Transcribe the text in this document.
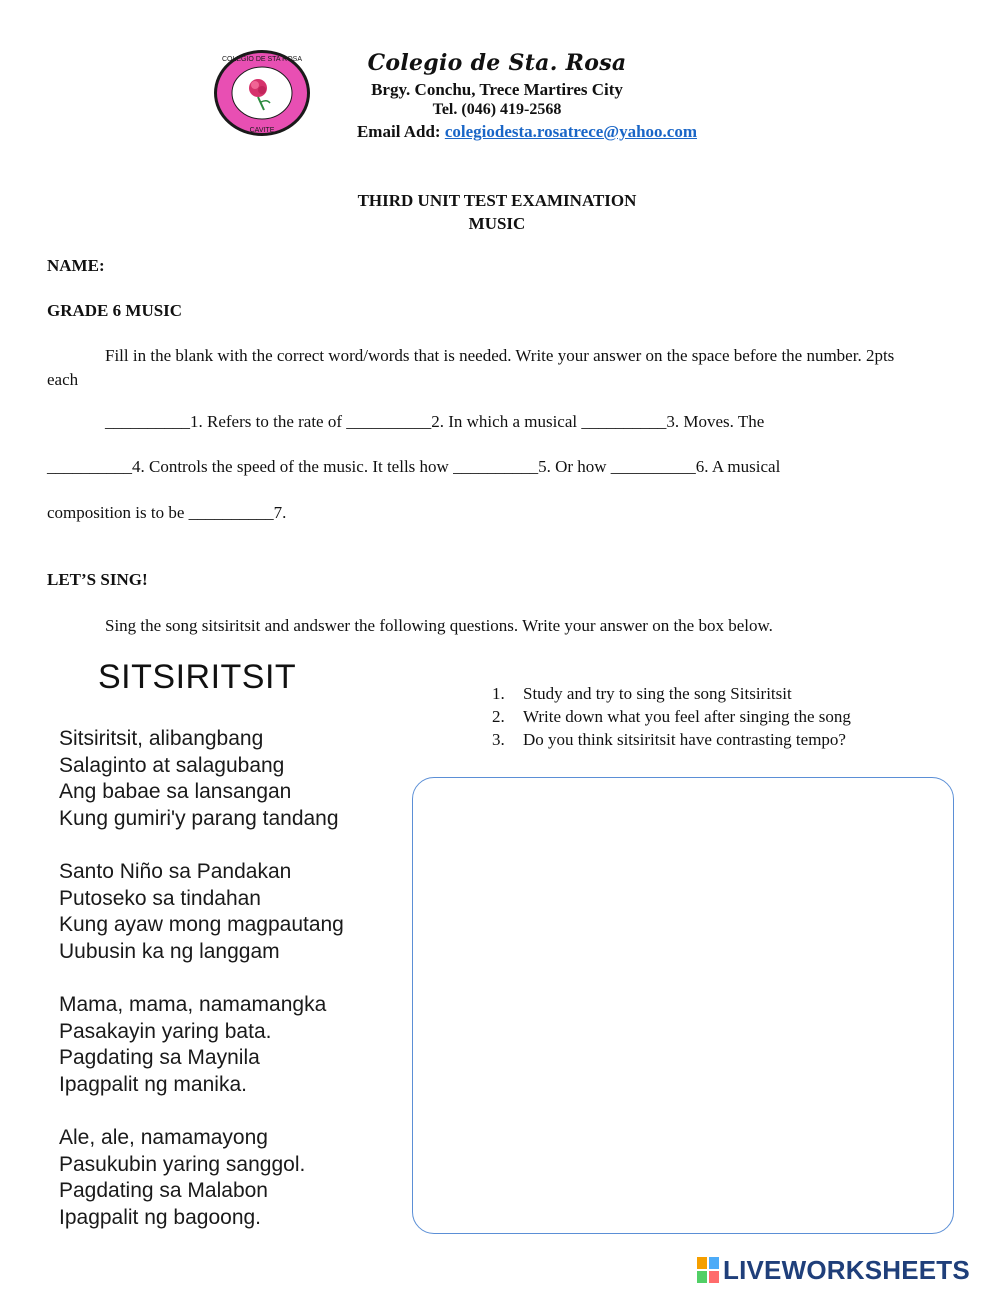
COLEGIO DE STA ROSA
CAVITE
Colegio de Sta. Rosa
Brgy. Conchu, Trece Martires City
Tel. (046) 419-2568
Email Add: colegiodesta.rosatrece@yahoo.com
THIRD UNIT TEST EXAMINATION
MUSIC
NAME:
GRADE 6 MUSIC
Fill in the blank with the correct word/words that is needed. Write your answer on the space before the number. 2pts each
__________1. Refers to the rate of __________2. In which a musical __________3. Moves. The
__________4. Controls the speed of the music. It tells how __________5. Or how __________6. A musical
composition is to be __________7.
LET’S SING!
Sing the song sitsiritsit and andswer the following questions. Write your answer on the box below.
SITSIRITSIT
Sitsiritsit, alibangbang
Salaginto at salagubang
Ang babae sa lansangan
Kung gumiri'y parang tandang
Santo Niño sa Pandakan
Putoseko sa tindahan
Kung ayaw mong magpautang
Uubusin ka ng langgam
Mama, mama, namamangka
Pasakayin yaring bata.
Pagdating sa Maynila
Ipagpalit ng manika.
Ale, ale, namamayong
Pasukubin yaring sanggol.
Pagdating sa Malabon
Ipagpalit ng bagoong.
1. Study and try to sing the song Sitsiritsit
2. Write down what you feel after singing the song
3. Do you think sitsiritsit have contrasting tempo?
LIVEWORKSHEETS
